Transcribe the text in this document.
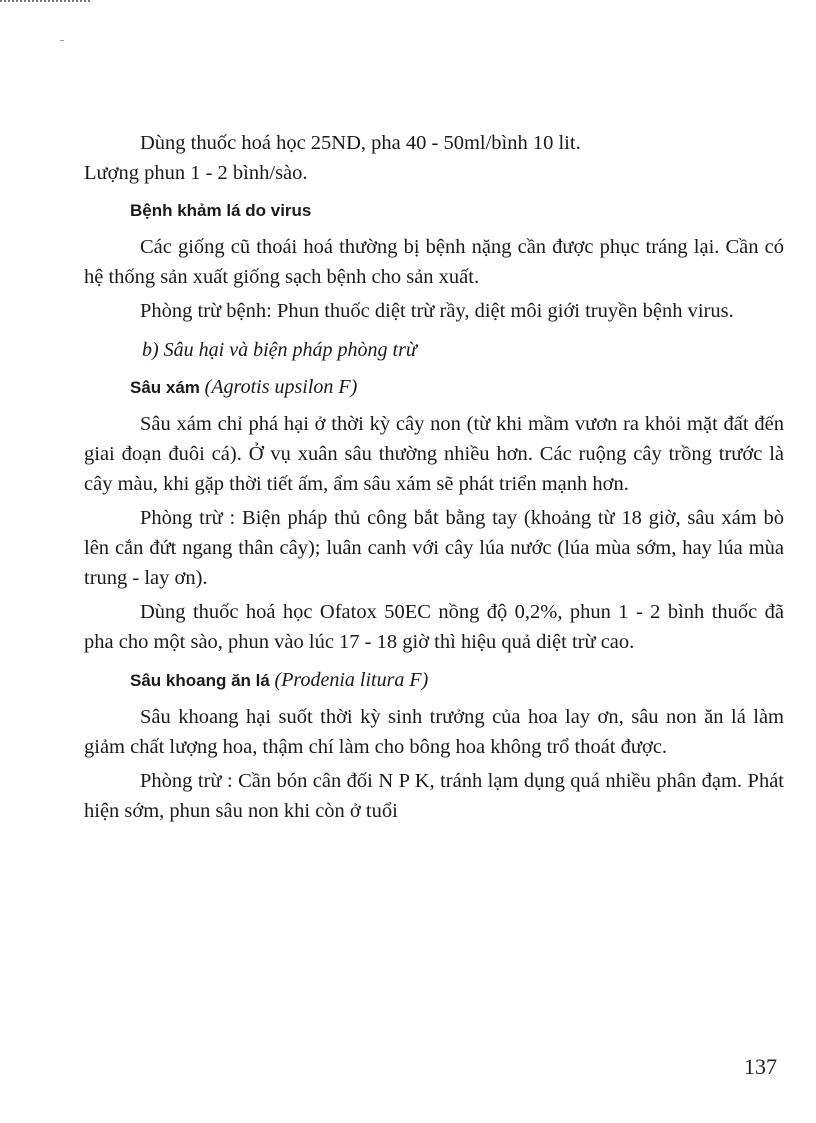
Dùng thuốc hoá học 25ND, pha 40 - 50ml/bình 10 lit.

Lượng phun 1 - 2 bình/sào.

Bệnh khảm lá do virus

Các giống cũ thoái hoá thường bị bệnh nặng cần được phục tráng lại. Cần có hệ thống sản xuất giống sạch bệnh cho sản xuất.

Phòng trừ bệnh: Phun thuốc diệt trừ rầy, diệt môi giới truyền bệnh virus.

b) Sâu hại và biện pháp phòng trừ
Sâu xám (Agrotis upsilon F)

Sâu xám chỉ phá hại ở thời kỳ cây non (từ khi mầm vươn ra khỏi mặt đất đến giai đoạn đuôi cá). Ở vụ xuân sâu thường nhiều hơn. Các ruộng cây trồng trước là cây màu, khi gặp thời tiết ấm, ẩm sâu xám sẽ phát triển mạnh hơn.

Phòng trừ : Biện pháp thủ công bắt bằng tay (khoảng từ 18 giờ, sâu xám bò lên cắn đứt ngang thân cây); luân canh với cây lúa nước (lúa mùa sớm, hay lúa mùa trung - lay ơn).

Dùng thuốc hoá học Ofatox 50EC nồng độ 0,2%, phun 1 - 2 bình thuốc đã pha cho một sào, phun vào lúc 17 - 18 giờ thì hiệu quả diệt trừ cao.

Sâu khoang ăn lá (Prodenia litura F)

Sâu khoang hại suốt thời kỳ sinh trưởng của hoa lay ơn, sâu non ăn lá làm giảm chất lượng hoa, thậm chí làm cho bông hoa không trổ thoát được.

Phòng trừ : Cần bón cân đối N P K, tránh lạm dụng quá nhiều phân đạm. Phát hiện sớm, phun sâu non khi còn ở tuổi

137
